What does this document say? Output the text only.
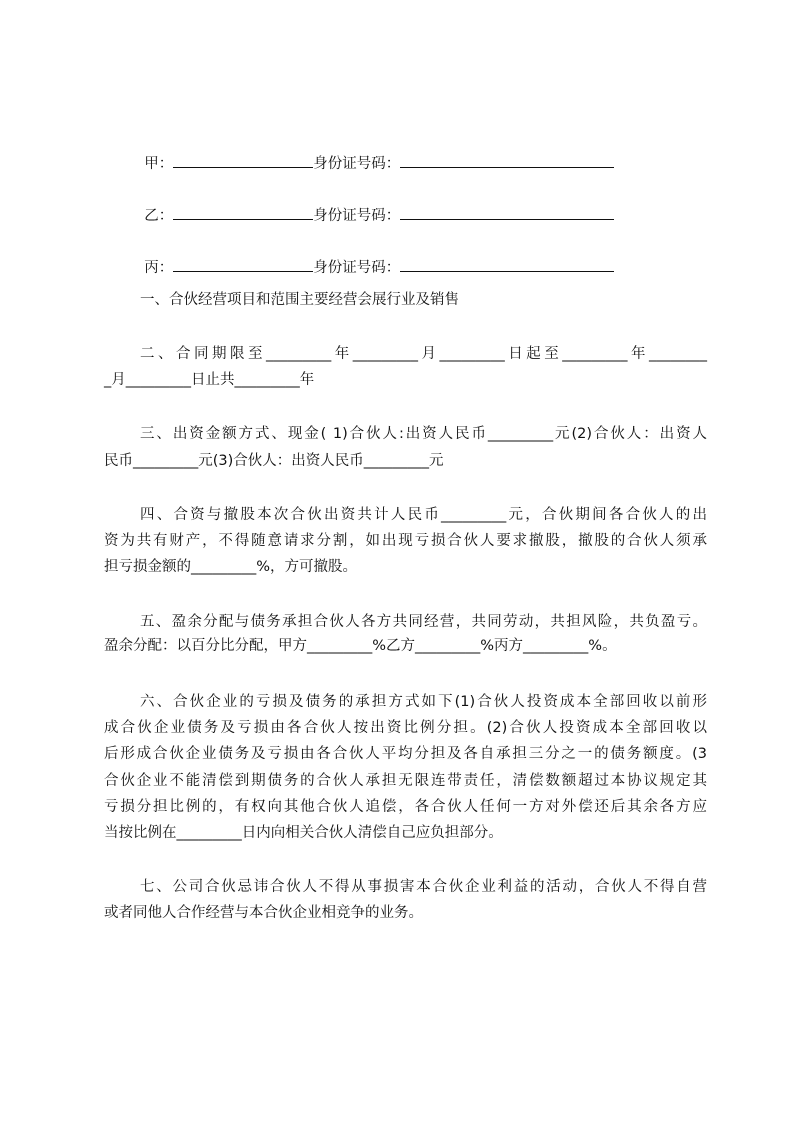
甲：	身份证号码：

乙：	身份证号码：

丙：	身份证号码：

一、合伙经营项目和范围主要经营会展行业及销售
二、合同期限至_________年_________月_________日起至_________年________
_月_________日止共_________年
三、出资金额方式、现金( 1)合伙人:出资人民币_________元(2)合伙人：出资人
民币_________元(3)合伙人：出资人民币_________元
四、合资与撤股本次合伙出资共计人民币_________元，合伙期间各合伙人的出
资为共有财产，不得随意请求分割，如出现亏损合伙人要求撤股，撤股的合伙人须承
担亏损金额的_________%，方可撤股。
五、盈余分配与债务承担合伙人各方共同经营，共同劳动，共担风险，共负盈亏。
盈余分配：以百分比分配，甲方_________%乙方_________%丙方_________%。
六、合伙企业的亏损及债务的承担方式如下(1)合伙人投资成本全部回收以前形
成合伙企业债务及亏损由各合伙人按出资比例分担。(2)合伙人投资成本全部回收以
后形成合伙企业债务及亏损由各合伙人平均分担及各自承担三分之一的债务额度。(3
合伙企业不能清偿到期债务的合伙人承担无限连带责任，清偿数额超过本协议规定其
亏损分担比例的，有权向其他合伙人追偿，各合伙人任何一方对外偿还后其余各方应
当按比例在_________日内向相关合伙人清偿自己应负担部分。
七、公司合伙忌讳合伙人不得从事损害本合伙企业利益的活动，合伙人不得自营
或者同他人合作经营与本合伙企业相竞争的业务。
